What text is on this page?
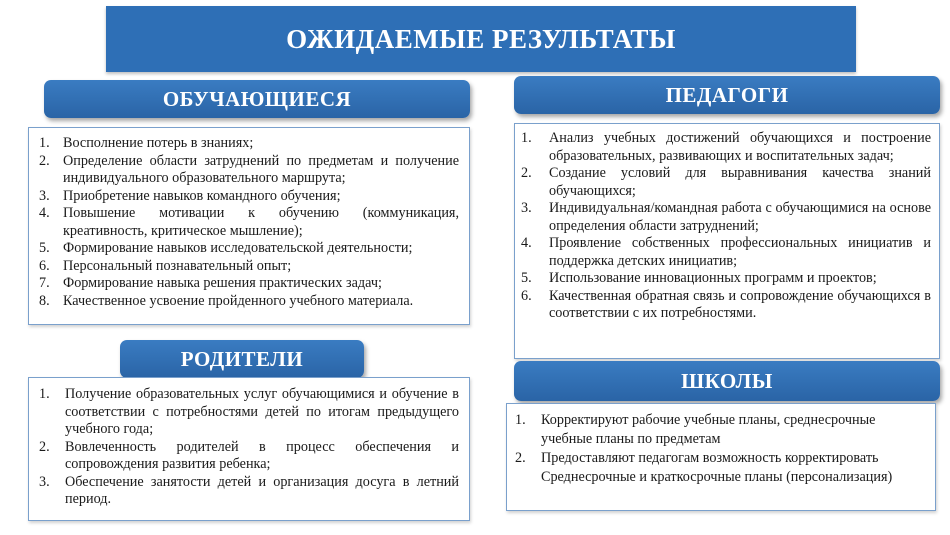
ОЖИДАЕМЫЕ РЕЗУЛЬТАТЫ
ОБУЧАЮЩИЕСЯ
1. Восполнение потерь в знаниях;
2. Определение области затруднений по предметам и получение индивидуального образовательного маршрута;
3. Приобретение навыков командного обучения;
4. Повышение мотивации к обучению (коммуникация, креативность, критическое мышление);
5. Формирование навыков исследовательской деятельности;
6. Персональный познавательный опыт;
7. Формирование навыка решения практических задач;
8. Качественное усвоение пройденного учебного материала.
ПЕДАГОГИ
1.	Анализ учебных достижений обучающихся и построение образовательных, развивающих и воспитательных задач;
2.	Создание условий для выравнивания качества знаний обучающихся;
3.	Индивидуальная/командная работа с обучающимися на основе определения области затруднений;
4.	Проявление собственных профессиональных инициатив и поддержка детских инициатив;
5.	Использование инновационных программ и проектов;
6.	Качественная обратная связь и сопровождение обучающихся в соответствии с их потребностями.
РОДИТЕЛИ
1.	Получение образовательных услуг обучающимися и обучение в соответствии с потребностями детей по итогам предыдущего учебного года;
2.	Вовлеченность родителей в процесс обеспечения и сопровождения развития ребенка;
3.	Обеспечение занятости детей и организация досуга в летний период.
ШКОЛЫ
1.	Корректируют рабочие учебные планы, среднесрочные учебные планы по предметам
2.	Предоставляют педагогам возможность корректировать Среднесрочные и краткосрочные планы (персонализация)
